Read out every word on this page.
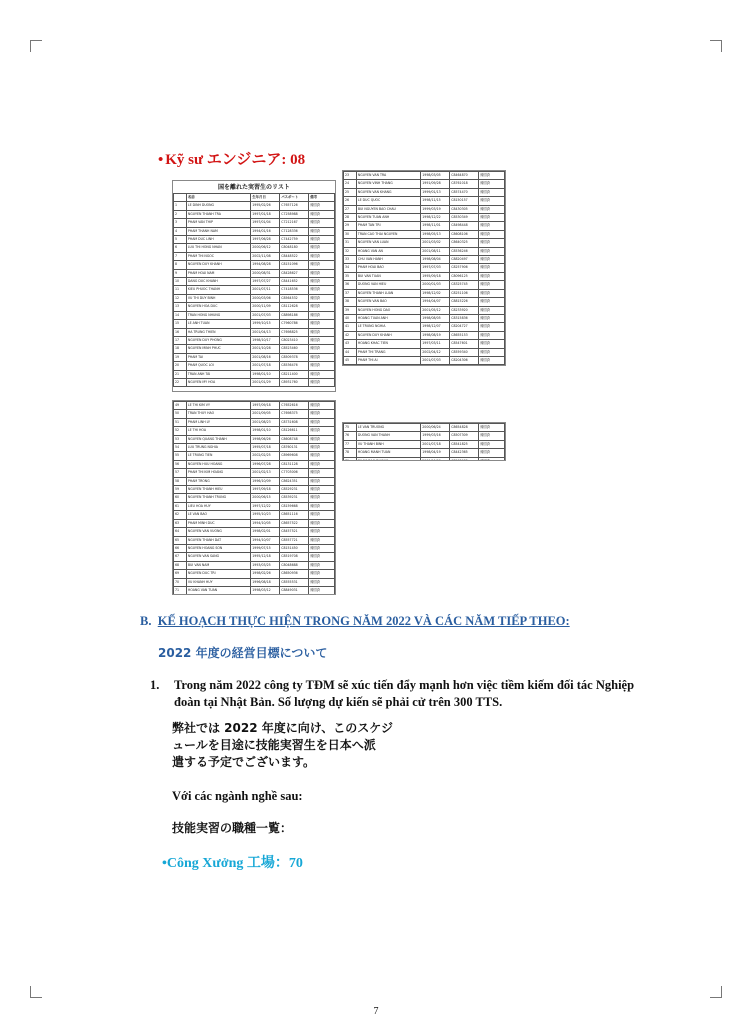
• Kỹ sư エンジニア: 08
国を離れた実習生のリスト
	名前	生年月日	パスポート	備考
1	LE DINH DUONG	1995/02/26	C7657126	帰国済
2	NGUYEN THANH TRA	1997/01/18	C7258988	帰国済
3	PHAM VAN THIP	1997/01/04	C7212167	帰国済
4	PHAM THANH NAM	1994/01/16	C7128336	帰国済
5	PHAM DUC LINH	1997/06/28	C7442759	帰国済
6	LUU THI HONG NHAN	2000/06/12	C8048180	帰国済
7	PHAM THI NGOC	2002/11/08	C8448522	帰国済
8	NGUYEN DUY KHANH	1994/08/28	C8151096	帰国済
9	PHAM HOAI NAM	2000/08/31	C8428627	帰国済
10	DANG DUC KHANH	1997/07/27	C8441652	帰国済
11	KIEU PHUOC THANH	2001/07/11	C7418536	帰国済
12	VU THI DUY BINH	2000/03/06	C8564532	帰国済
13	NGUYEN HOA DUC	2000/11/09	C8112628	帰国済
14	TRAN HONG NHUNG	2001/07/03	C8898186	帰国済
15	LE ANH TUAN	1999/10/15	C7960786	帰国済
16	HA TRUNG THIEN	2001/04/13	C7698825	帰国済
17	NGUYEN DUY PHONG	1998/10/17	C8023410	帰国済
18	NGUYEN MINH PHUC	2001/10/28	C8523460	帰国済
19	PHAM TAI	2001/08/16	C8509378	帰国済
20	PHAM QUOC LOI	2001/07/18	C8536476	帰国済
21	TRAN ANH TAI	1998/01/10	C8211400	帰国済
22	NGUYEN MY HOA	2001/01/29	C8931760	帰国済
23	NGUYEN VAN TRA	1998/03/05	C8464870	帰国済
24	NGUYEN VINH THANG	1991/09/28	C8761018	帰国済
25	NGUYEN VAN KHANG	1999/01/13	C8574470	帰国済
26	LE DUC QUOC	1998/11/15	C8150157	帰国済
27	BUI NGUYEN BAO CHAU	1999/03/19	C8430305	帰国済
28	NGUYEN TUAN ANH	1998/12/22	C8530349	帰国済
29	PHAM TAN TRI	1998/11/01	C8498448	帰国済
30	TRAN CAO THAI NGUYEN	1998/05/13	C8608106	帰国済
31	NGUYEN VAN LUAN	2001/03/02	C8640325	帰国済
32	HOANG VAN AN	2001/08/11	C8536246	帰国済
33	CHU VAN HANH	1998/08/04	C8820497	帰国済
34	PHAM HOAI BAO	1997/07/03	C8257906	帰国済
35	BUI VAN TUAN	1995/09/18	C8096125	帰国済
36	DUONG VAN HIEU	2000/01/03	C8325745	帰国済
37	NGUYEN THANH LUAN	1998/12/02	C8251106	帰国済
38	NGUYEN VAN BAO	1994/04/07	C8815226	帰国済
39	NGUYEN HONG DAO	2001/05/12	C8233920	帰国済
40	HOANG TUAN ANH	1998/08/05	C8315836	帰国済
41	LE TRUNG NGHIA	1998/12/07	C8204727	帰国済
42	NGUYEN DUY KHANH	1998/08/19	C8655153	帰国済
43	HOANG KHAC TIEN	1997/03/11	C8547601	帰国済
44	PHAM THI TRANG	2002/04/12	C8559340	帰国済
45	PHAM THI AI	2001/07/03	C8204306	帰国済

49	LE THI KIM VY	1997/09/18	C7652616	帰国済
50	TRAN THUY HAO	2001/09/05	C7698375	帰国済
51	PHAM LINH LY	2001/08/23	C8731608	帰国済
52	LE THI HOA	1998/01/10	C8126611	帰国済
53	NGUYEN QUANG THANH	1998/06/26	C8608748	帰国済
54	LUU TRUNG NGHIA	1995/07/18	C8760131	帰国済
55	LE TRUNG TIEN	2002/02/25	C8969608	帰国済
56	NGUYEN HUU HOANG	1996/07/28	C8131128	帰国済
57	PHAM THI KIM HOANG	2001/02/13	C7703006	帰国済
58	PHAM TRONG	1996/10/09	C8624351	帰国済
59	NGUYEN THANH HIEU	1997/09/18	C8529231	帰国済
60	NGUYEN THANH TRUNG	2000/06/15	C8539231	帰国済
61	LIEU HOA HUY	1997/12/22	C8159668	帰国済
62	LE VAN BAO	1995/10/23	C8651116	帰国済
63	PHAM MINH DUC	1994/10/05	C8657522	帰国済
64	NGUYEN VAN VUONG	1998/02/01	C8457521	帰国済
65	NGUYEN THANH DAT	1994/10/07	C8557721	帰国済
66	NGUYEN HOANG SON	1999/07/15	C8151450	帰国済
67	NGUYEN VAN SANG	1995/12/18	C8519708	帰国済
68	BUI VAN NAM	1993/03/25	C8048688	帰国済
69	NGUYEN DUC TRI	1998/02/26	C8650936	帰国済
70	VU KHANH HUY	1996/08/18	C8555531	帰国済
71	HOANG VAN TUAN	1998/03/12	C8849031	帰国済

75	LE VAN TRUONG	2000/06/24	C8654828	帰国済
76	DUONG VAN THANH	1999/03/16	C8507309	帰国済
77	VU THANH BINH	2001/07/18	C8541825	帰国済
78	HOANG MANH TUAN	1998/04/19	C8442365	帰国済
79	PHAM DAO DUONG	2000/10/06	C8568083	帰国済
B. KẾ HOẠCH THỰC HIỆN TRONG NĂM 2022 VÀ CÁC NĂM TIẾP THEO:
2022 年度の経営目標について
1. Trong năm 2022 công ty TĐM sẽ xúc tiến đẩy mạnh hơn việc tiềm kiếm đối tác Nghiệp đoàn tại Nhật Bản. Số lượng dự kiến sẽ phải cử trên 300 TTS.
弊社では 2022 年度に向け、このスケジ
ュールを目途に技能実習生を日本へ派
遣する予定でございます。
Với các ngành nghề sau:
技能実習の職種一覧：
•Công Xưởng 工場：70
7
